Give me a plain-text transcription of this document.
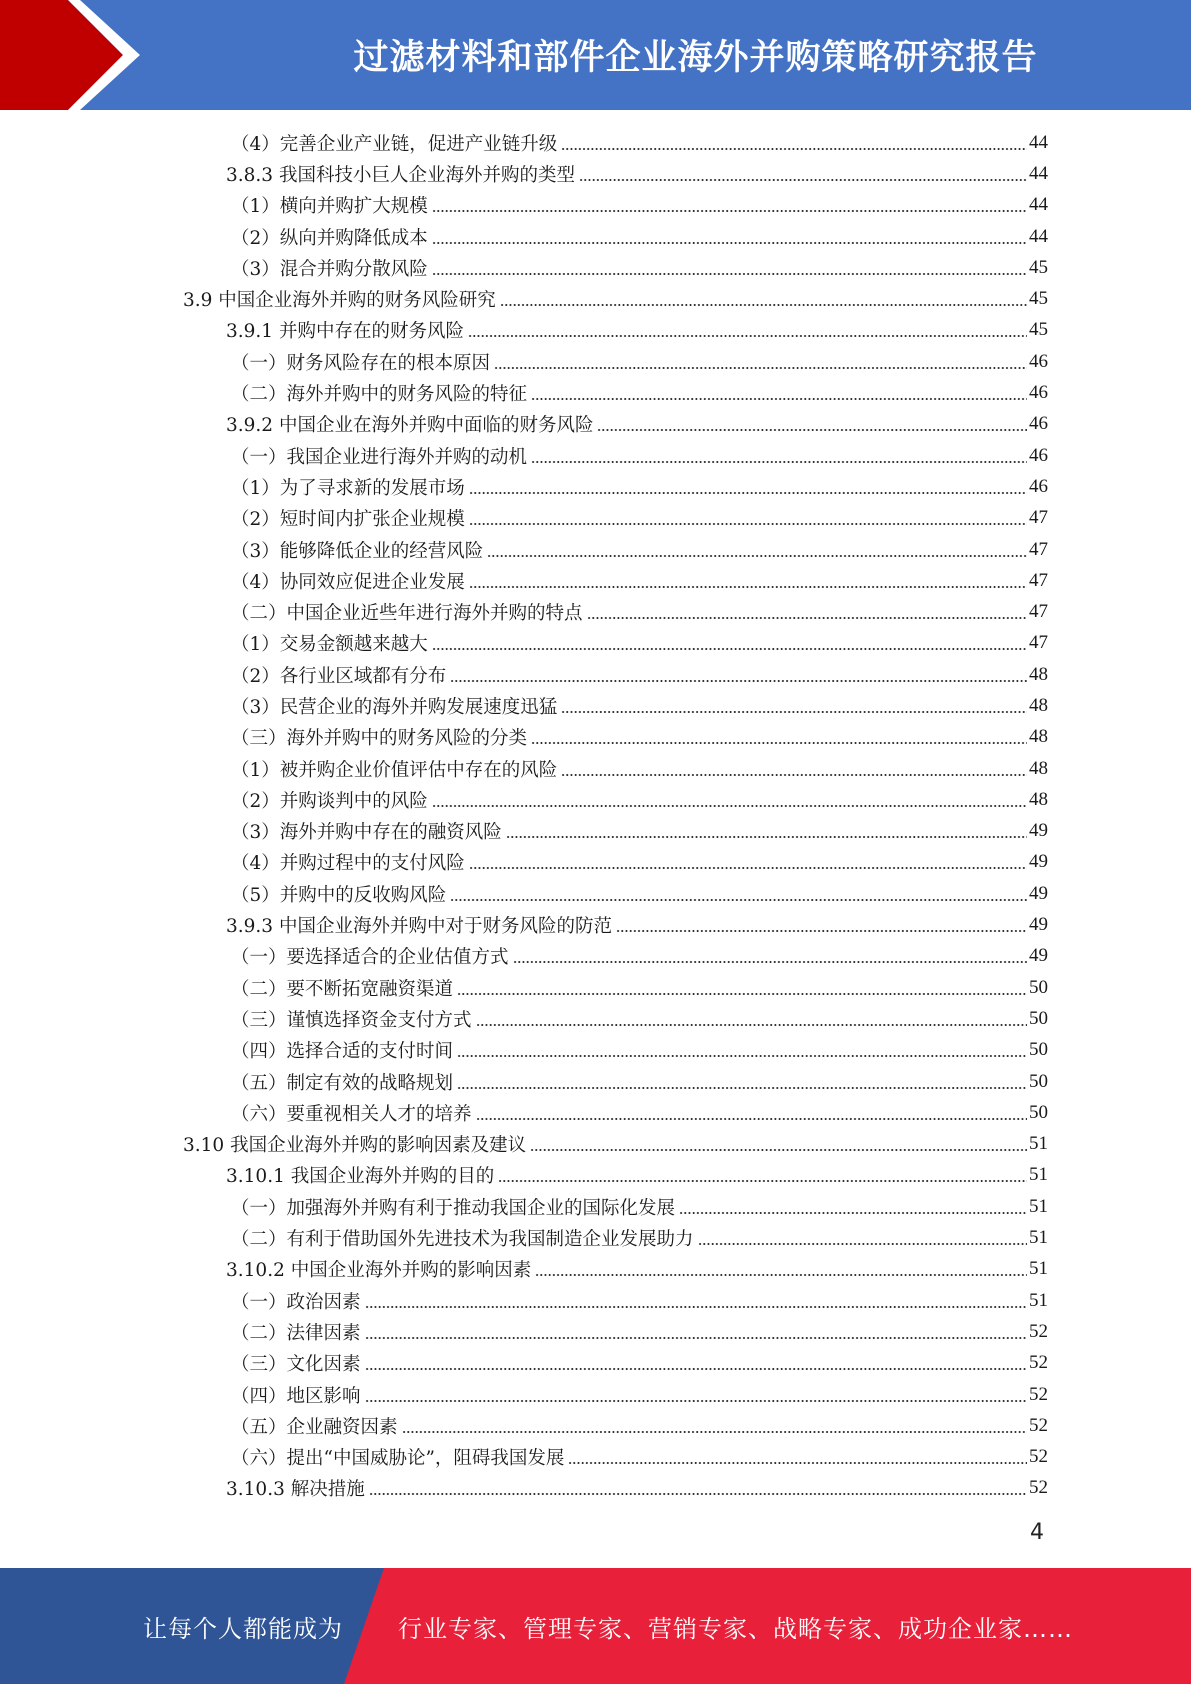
过滤材料和部件企业海外并购策略研究报告
（4）完善企业产业链，促进产业链升级	44
3.8.3 我国科技小巨人企业海外并购的类型	44
（1）横向并购扩大规模	44
（2）纵向并购降低成本	44
（3）混合并购分散风险	45
3.9 中国企业海外并购的财务风险研究	45
3.9.1 并购中存在的财务风险	45
（一）财务风险存在的根本原因	46
（二）海外并购中的财务风险的特征	46
3.9.2 中国企业在海外并购中面临的财务风险	46
（一）我国企业进行海外并购的动机	46
（1）为了寻求新的发展市场	46
（2）短时间内扩张企业规模	47
（3）能够降低企业的经营风险	47
（4）协同效应促进企业发展	47
（二）中国企业近些年进行海外并购的特点	47
（1）交易金额越来越大	47
（2）各行业区域都有分布	48
（3）民营企业的海外并购发展速度迅猛	48
（三）海外并购中的财务风险的分类	48
（1）被并购企业价值评估中存在的风险	48
（2）并购谈判中的风险	48
（3）海外并购中存在的融资风险	49
（4）并购过程中的支付风险	49
（5）并购中的反收购风险	49
3.9.3 中国企业海外并购中对于财务风险的防范	49
（一）要选择适合的企业估值方式	49
（二）要不断拓宽融资渠道	50
（三）谨慎选择资金支付方式	50
（四）选择合适的支付时间	50
（五）制定有效的战略规划	50
（六）要重视相关人才的培养	50
3.10 我国企业海外并购的影响因素及建议	51
3.10.1 我国企业海外并购的目的	51
（一）加强海外并购有利于推动我国企业的国际化发展	51
（二）有利于借助国外先进技术为我国制造企业发展助力	51
3.10.2 中国企业海外并购的影响因素	51
（一）政治因素	51
（二）法律因素	52
（三）文化因素	52
（四）地区影响	52
（五）企业融资因素	52
（六）提出“中国威胁论”，阻碍我国发展	52
3.10.3 解决措施	52
4
让每个人都能成为 行业专家、管理专家、营销专家、战略专家、成功企业家……
